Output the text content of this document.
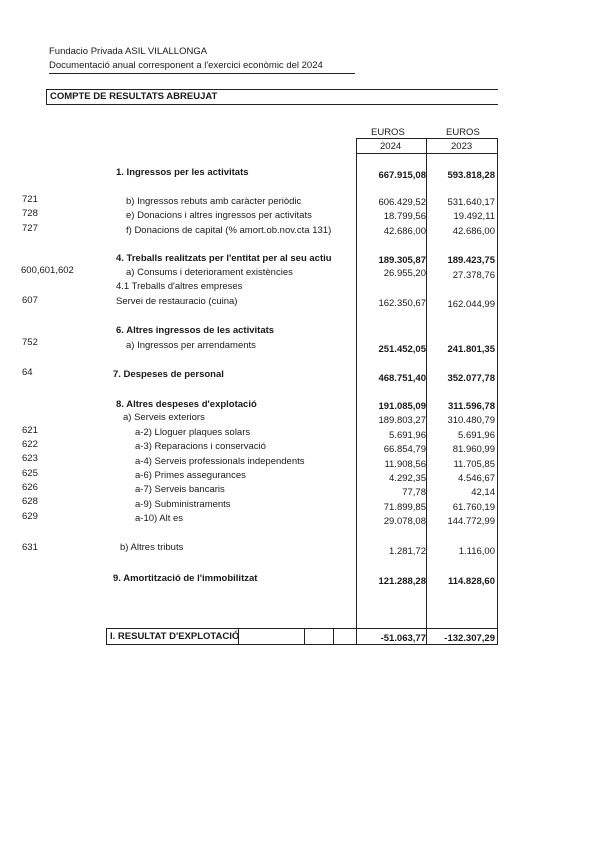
Fundacio Privada ASIL VILALLONGA
Documentació anual corresponent a l'exercici econòmic del 2024
COMPTE DE RESULTATS ABREUJAT
EUROS	EUROS
2024	2023
1. Ingressos per les activitats	667.915,08 593.818,28
721	b) Ingressos rebuts amb caràcter periòdic	606.429,52 531.640,17
728	e) Donacions i altres ingressos per activitats	18.799,56	19.492,11
727	f) Donacions de capital (% amort.ob.nov.cta 131)	42.686,00	42.686,00
4. Treballs realitzats per l'entitat per al seu actiu	189.305,87 189.423,75
600,601,602	a) Consums i deteriorament existències	26.955,20	27.378,76
4.1 Treballs d'altres empreses
607	Servei de restauracio (cuina)	162.350,67 162.044,99
6. Altres ingressos de les activitats
752	a) Ingressos per arrendaments	251.452,05 241.801,35
64	7. Despeses de personal	468.751,40 352.077,78
8. Altres despeses d'explotació	191.085,09 311.596,78
a) Serveis exteriors	189.803,27 310.480,79
621	a-2) Lloguer plaques solars	5.691,96	5.691,96
622	a-3) Reparacions i conservació	66.854,79	81.960,99
623	a-4) Serveis professionals independents	11.908,56	11.705,85
625	a-6) Primes assegurances	4.292,35	4.546,67
626	a-7) Serveis bancaris	77,78	42,14
628	a-9) Subministraments	71.899,85	61.760,19
629	a-10) Alt es	29.078,08 144.772,99
631	b) Altres tributs	1.281,72	1.116,00
9. Amortització de l'immobilitzat	121.288,28 114.828,60
I. RESULTAT D'EXPLOTACIÓ	-51.063,77 -132.307,29
